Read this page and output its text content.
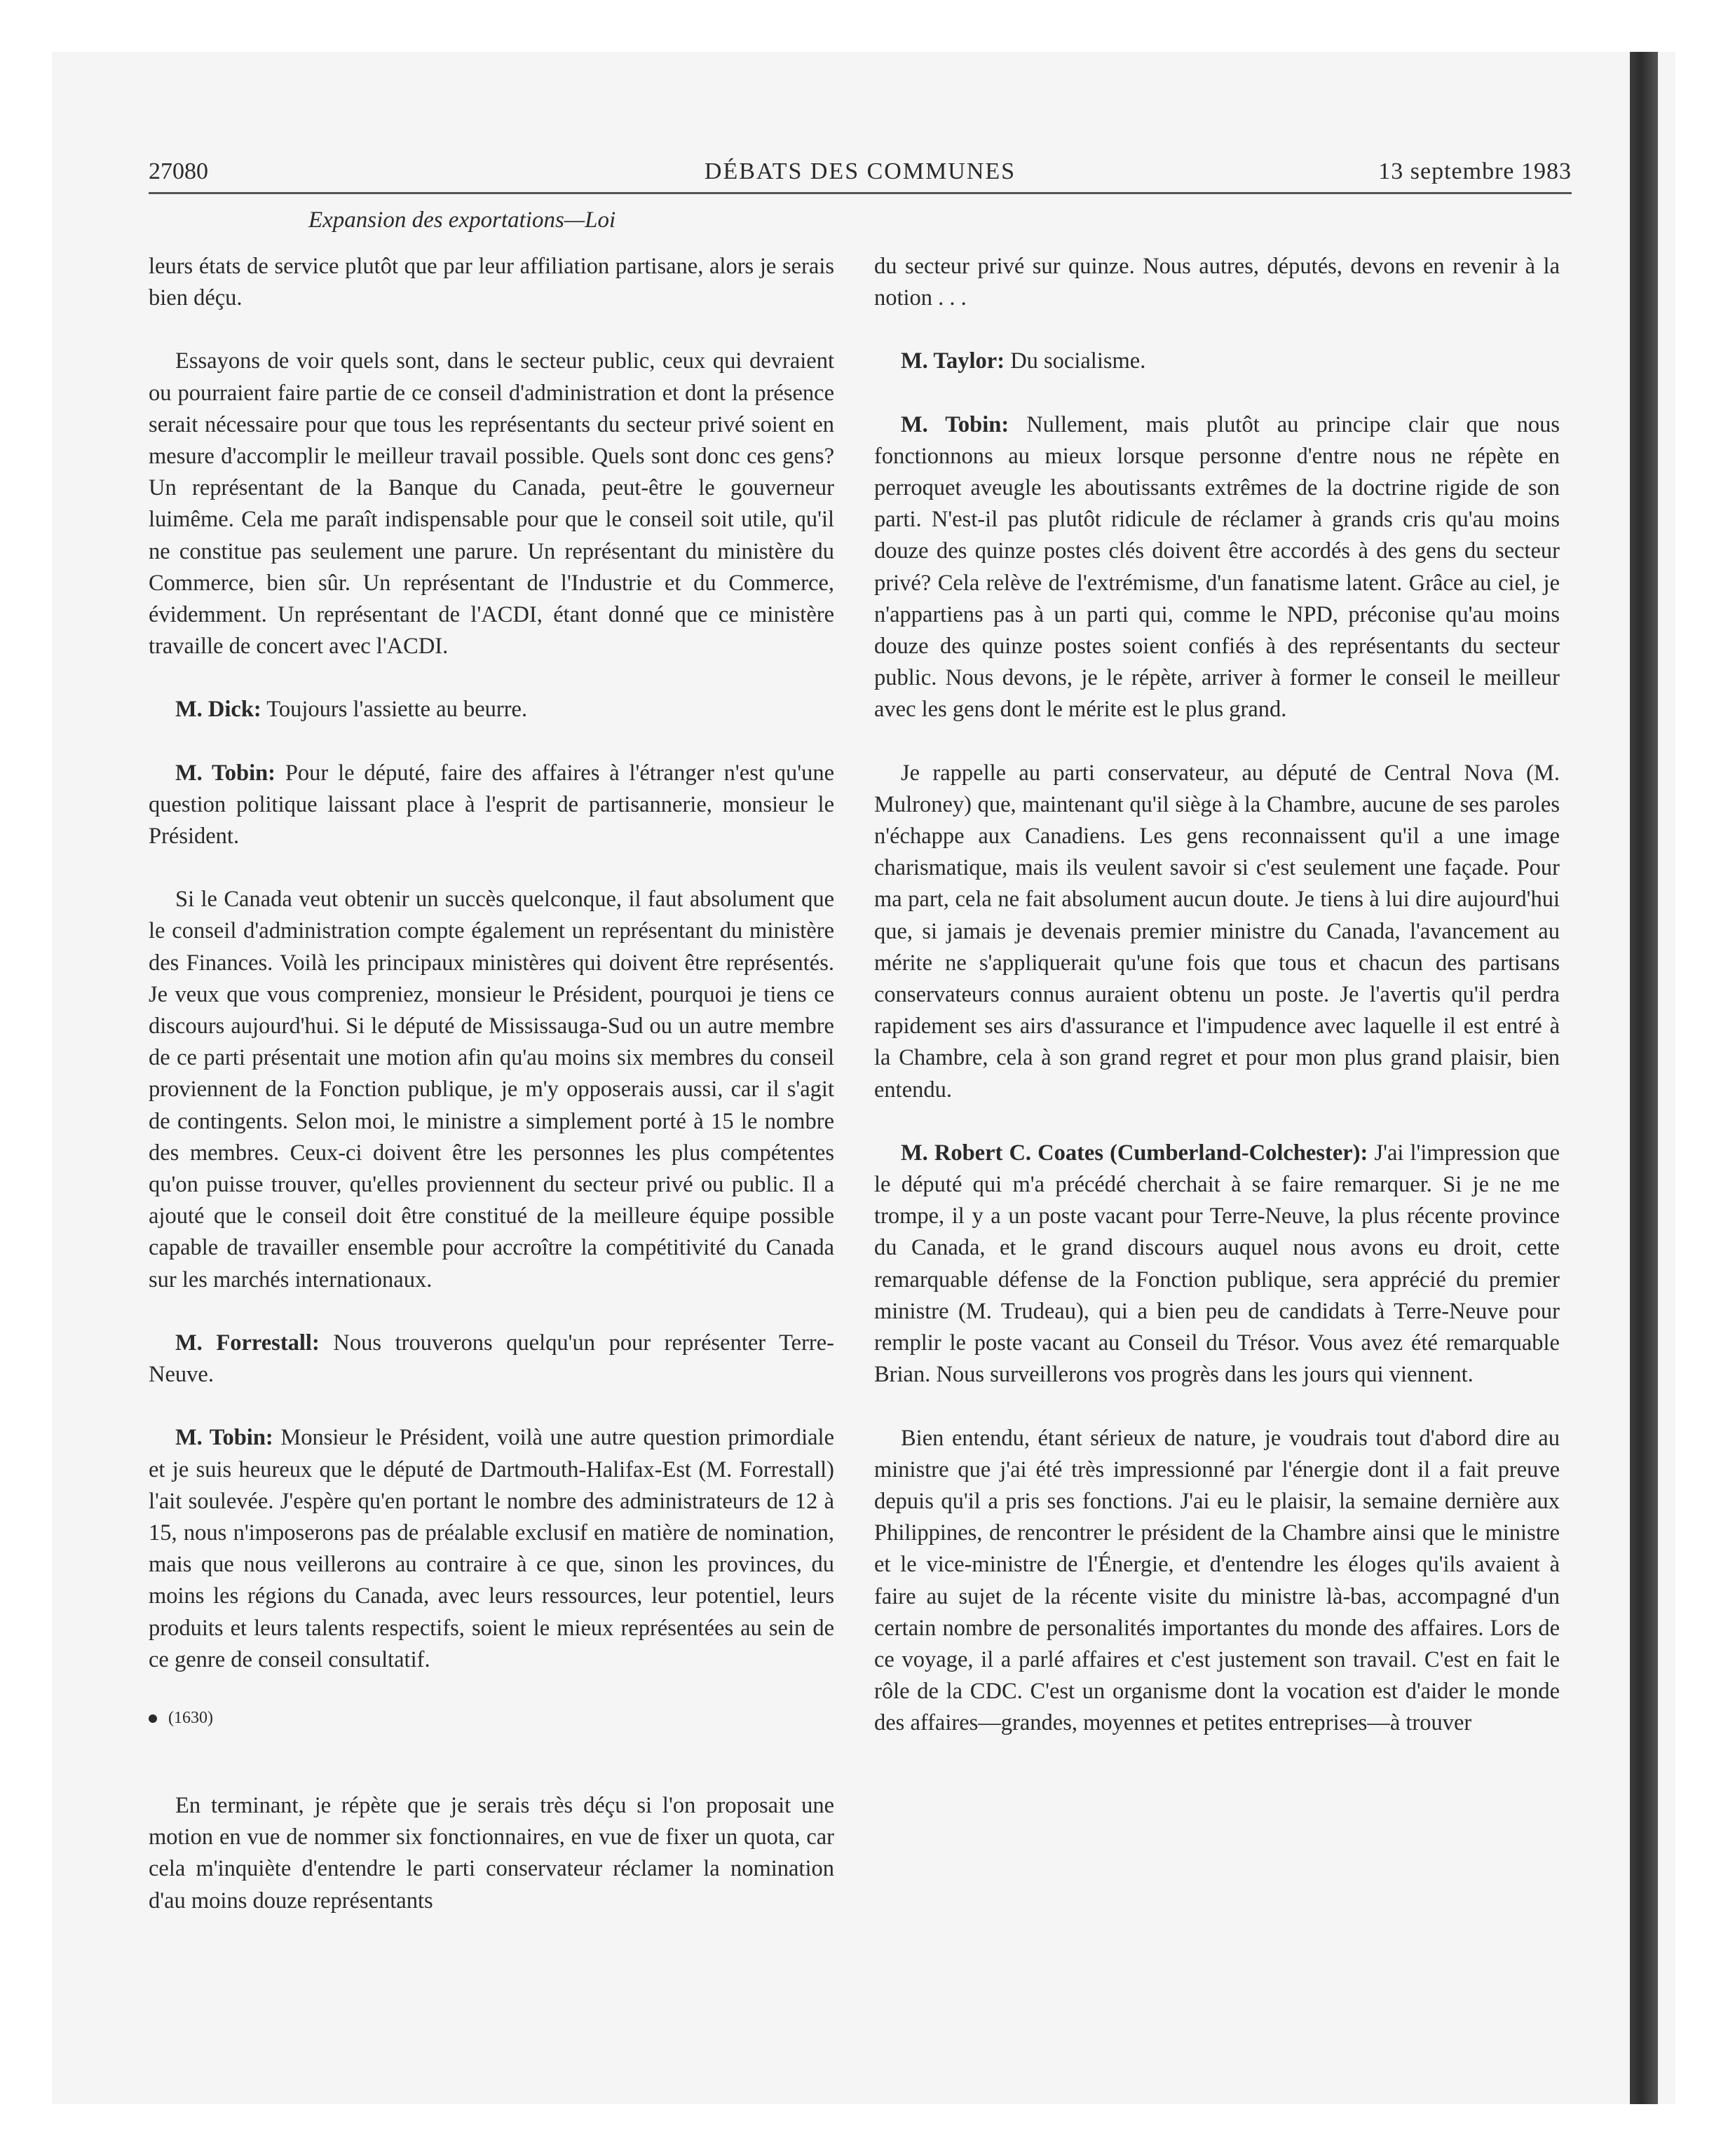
27080	DÉBATS DES COMMUNES	13 septembre 1983
Expansion des exportations—Loi

leurs états de service plutôt que par leur affiliation partisane, alors je serais bien déçu.

Essayons de voir quels sont, dans le secteur public, ceux qui devraient ou pourraient faire partie de ce conseil d'administration et dont la présence serait nécessaire pour que tous les représentants du secteur privé soient en mesure d'accomplir le meilleur travail possible. Quels sont donc ces gens? Un représentant de la Banque du Canada, peut-être le gouverneur luimême. Cela me paraît indispensable pour que le conseil soit utile, qu'il ne constitue pas seulement une parure. Un représentant du ministère du Commerce, bien sûr. Un représentant de l'Industrie et du Commerce, évidemment. Un représentant de l'ACDI, étant donné que ce ministère travaille de concert avec l'ACDI.

M. Dick: Toujours l'assiette au beurre.

M. Tobin: Pour le député, faire des affaires à l'étranger n'est qu'une question politique laissant place à l'esprit de partisannerie, monsieur le Président.

Si le Canada veut obtenir un succès quelconque, il faut absolument que le conseil d'administration compte également un représentant du ministère des Finances. Voilà les principaux ministères qui doivent être représentés. Je veux que vous compreniez, monsieur le Président, pourquoi je tiens ce discours aujourd'hui. Si le député de Mississauga-Sud ou un autre membre de ce parti présentait une motion afin qu'au moins six membres du conseil proviennent de la Fonction publique, je m'y opposerais aussi, car il s'agit de contingents. Selon moi, le ministre a simplement porté à 15 le nombre des membres. Ceux-ci doivent être les personnes les plus compétentes qu'on puisse trouver, qu'elles proviennent du secteur privé ou public. Il a ajouté que le conseil doit être constitué de la meilleure équipe possible capable de travailler ensemble pour accroître la compétitivité du Canada sur les marchés internationaux.

M. Forrestall: Nous trouverons quelqu'un pour représenter Terre-Neuve.

M. Tobin: Monsieur le Président, voilà une autre question primordiale et je suis heureux que le député de Dartmouth-Halifax-Est (M. Forrestall) l'ait soulevée. J'espère qu'en portant le nombre des administrateurs de 12 à 15, nous n'imposerons pas de préalable exclusif en matière de nomination, mais que nous veillerons au contraire à ce que, sinon les provinces, du moins les régions du Canada, avec leurs ressources, leur potentiel, leurs produits et leurs talents respectifs, soient le mieux représentées au sein de ce genre de conseil consultatif.

(1630)

En terminant, je répète que je serais très déçu si l'on proposait une motion en vue de nommer six fonctionnaires, en vue de fixer un quota, car cela m'inquiète d'entendre le parti conservateur réclamer la nomination d'au moins douze représentants

du secteur privé sur quinze. Nous autres, députés, devons en revenir à la notion . . .

M. Taylor: Du socialisme.

M. Tobin: Nullement, mais plutôt au principe clair que nous fonctionnons au mieux lorsque personne d'entre nous ne répète en perroquet aveugle les aboutissants extrêmes de la doctrine rigide de son parti. N'est-il pas plutôt ridicule de réclamer à grands cris qu'au moins douze des quinze postes clés doivent être accordés à des gens du secteur privé? Cela relève de l'extrémisme, d'un fanatisme latent. Grâce au ciel, je n'appartiens pas à un parti qui, comme le NPD, préconise qu'au moins douze des quinze postes soient confiés à des représentants du secteur public. Nous devons, je le répète, arriver à former le conseil le meilleur avec les gens dont le mérite est le plus grand.

Je rappelle au parti conservateur, au député de Central Nova (M. Mulroney) que, maintenant qu'il siège à la Chambre, aucune de ses paroles n'échappe aux Canadiens. Les gens reconnaissent qu'il a une image charismatique, mais ils veulent savoir si c'est seulement une façade. Pour ma part, cela ne fait absolument aucun doute. Je tiens à lui dire aujourd'hui que, si jamais je devenais premier ministre du Canada, l'avancement au mérite ne s'appliquerait qu'une fois que tous et chacun des partisans conservateurs connus auraient obtenu un poste. Je l'avertis qu'il perdra rapidement ses airs d'assurance et l'impudence avec laquelle il est entré à la Chambre, cela à son grand regret et pour mon plus grand plaisir, bien entendu.

M. Robert C. Coates (Cumberland-Colchester): J'ai l'impression que le député qui m'a précédé cherchait à se faire remarquer. Si je ne me trompe, il y a un poste vacant pour Terre-Neuve, la plus récente province du Canada, et le grand discours auquel nous avons eu droit, cette remarquable défense de la Fonction publique, sera apprécié du premier ministre (M. Trudeau), qui a bien peu de candidats à Terre-Neuve pour remplir le poste vacant au Conseil du Trésor. Vous avez été remarquable Brian. Nous surveillerons vos progrès dans les jours qui viennent.

Bien entendu, étant sérieux de nature, je voudrais tout d'abord dire au ministre que j'ai été très impressionné par l'énergie dont il a fait preuve depuis qu'il a pris ses fonctions. J'ai eu le plaisir, la semaine dernière aux Philippines, de rencontrer le président de la Chambre ainsi que le ministre et le vice-ministre de l'Énergie, et d'entendre les éloges qu'ils avaient à faire au sujet de la récente visite du ministre là-bas, accompagné d'un certain nombre de personalités importantes du monde des affaires. Lors de ce voyage, il a parlé affaires et c'est justement son travail. C'est en fait le rôle de la CDC. C'est un organisme dont la vocation est d'aider le monde des affaires—grandes, moyennes et petites entreprises—à trouver
